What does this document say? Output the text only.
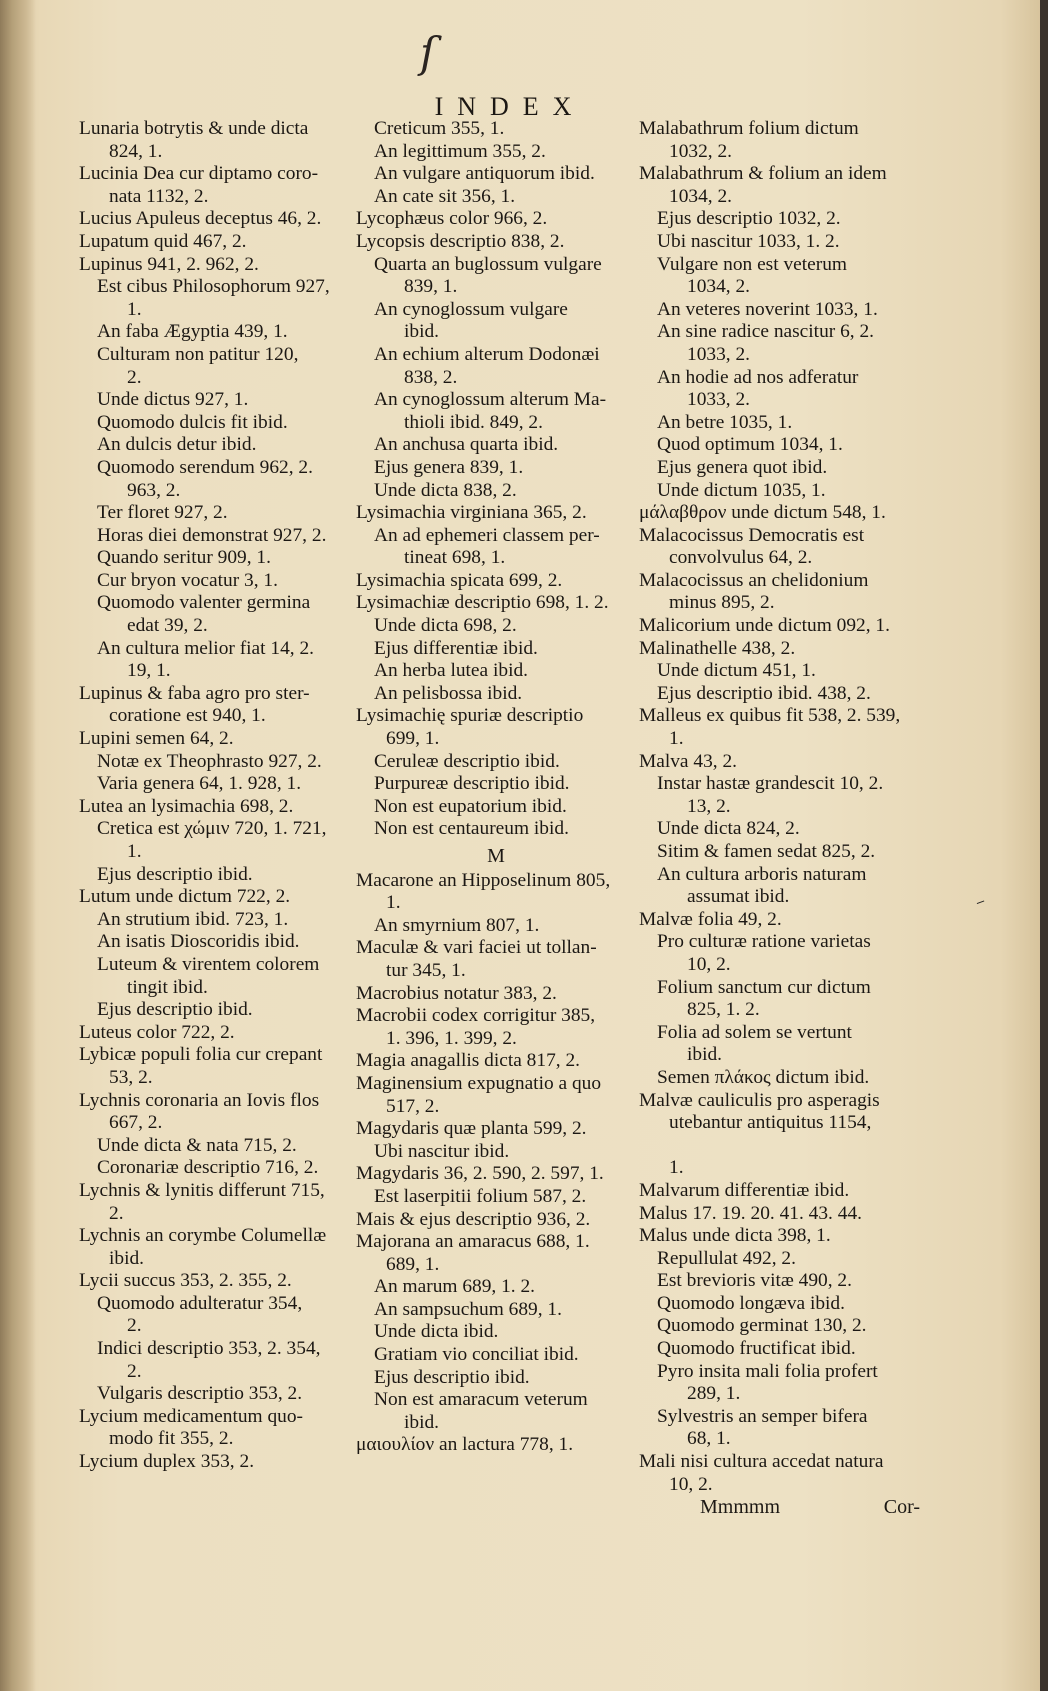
ſ
INDEX
Lunaria botrytis & unde dicta

824, 1.
Lucinia Dea cur diptamo coro-

nata 1132, 2.
Lucius Apuleus deceptus 46, 2.
Lupatum quid 467, 2.
Lupinus 941, 2. 962, 2.
Est cibus Philosophorum 927,

1.
An faba Ægyptia 439, 1.
Culturam non patitur 120,

2.
Unde dictus 927, 1.
Quomodo dulcis fit ibid.
An dulcis detur ibid.
Quomodo serendum 962, 2.

963, 2.
Ter floret 927, 2.
Horas diei demonstrat 927, 2.
Quando seritur 909, 1.
Cur bryon vocatur 3, 1.
Quomodo valenter germina

edat 39, 2.
An cultura melior fiat 14, 2.

19, 1.
Lupinus & faba agro pro ster-

coratione est 940, 1.
Lupini semen 64, 2.
Notæ ex Theophrasto 927, 2.
Varia genera 64, 1. 928, 1.
Lutea an lysimachia 698, 2.
Cretica est χώμιν 720, 1. 721,

1.
Ejus descriptio ibid.
Lutum unde dictum 722, 2.
An strutium ibid. 723, 1.
An isatis Dioscoridis ibid.
Luteum & virentem colorem

tingit ibid.
Ejus descriptio ibid.
Luteus color 722, 2.
Lybicæ populi folia cur crepant

53, 2.
Lychnis coronaria an Iovis flos

667, 2.
Unde dicta & nata 715, 2.
Coronariæ descriptio 716, 2.
Lychnis & lynitis differunt 715,

2.
Lychnis an corymbe Columellæ

ibid.
Lycii succus 353, 2. 355, 2.
Quomodo adulteratur 354,

2.
Indici descriptio 353, 2. 354,

2.
Vulgaris descriptio 353, 2.
Lycium medicamentum quo-

modo fit 355, 2.
Lycium duplex 353, 2.
Creticum 355, 1.
An legittimum 355, 2.
An vulgare antiquorum ibid.
An cate sit 356, 1.
Lycophæus color 966, 2.
Lycopsis descriptio 838, 2.
Quarta an buglossum vulgare

839, 1.
An cynoglossum vulgare

ibid.
An echium alterum Dodonæi

838, 2.
An cynoglossum alterum Ma-

thioli ibid. 849, 2.
An anchusa quarta ibid.
Ejus genera 839, 1.
Unde dicta 838, 2.
Lysimachia virginiana 365, 2.
An ad ephemeri classem per-

tineat 698, 1.
Lysimachia spicata 699, 2.
Lysimachiæ descriptio 698, 1. 2.
Unde dicta 698, 2.
Ejus differentiæ ibid.
An herba lutea ibid.
An pelisbossa ibid.
Lysimachię spuriæ descriptio

699, 1.
Ceruleæ descriptio ibid.
Purpureæ descriptio ibid.
Non est eupatorium ibid.
Non est centaureum ibid.
M
Macarone an Hipposelinum 805,

1.
An smyrnium 807, 1.
Maculæ & vari faciei ut tollan-

tur 345, 1.
Macrobius notatur 383, 2.
Macrobii codex corrigitur 385,

1. 396, 1. 399, 2.
Magia anagallis dicta 817, 2.
Maginensium expugnatio a quo

517, 2.
Magydaris quæ planta 599, 2.
Ubi nascitur ibid.
Magydaris 36, 2. 590, 2. 597, 1.
Est laserpitii folium 587, 2.
Mais & ejus descriptio 936, 2.
Majorana an amaracus 688, 1.

689, 1.
An marum 689, 1. 2.
An sampsuchum 689, 1.
Unde dicta ibid.
Gratiam vio conciliat ibid.
Ejus descriptio ibid.
Non est amaracum veterum

ibid.
μαιουλίον an lactura 778, 1.
Malabathrum folium dictum

1032, 2.
Malabathrum & folium an idem

1034, 2.
Ejus descriptio 1032, 2.
Ubi nascitur 1033, 1. 2.
Vulgare non est veterum

1034, 2.
An veteres noverint 1033, 1.
An sine radice nascitur 6, 2.

1033, 2.
An hodie ad nos adferatur

1033, 2.
An betre 1035, 1.
Quod optimum 1034, 1.
Ejus genera quot ibid.
Unde dictum 1035, 1.
μάλαβθρον unde dictum 548, 1.
Malacocissus Democratis est

convolvulus 64, 2.
Malacocissus an chelidonium

minus 895, 2.
Malicorium unde dictum 092, 1.
Malinathelle 438, 2.
Unde dictum 451, 1.
Ejus descriptio ibid. 438, 2.
Malleus ex quibus fit 538, 2. 539,

1.
Malva 43, 2.
Instar hastæ grandescit 10, 2.

13, 2.
Unde dicta 824, 2.
Sitim & famen sedat 825, 2.
An cultura arboris naturam

assumat ibid.
Malvæ folia 49, 2.
Pro culturæ ratione varietas

10, 2.
Folium sanctum cur dictum

825, 1. 2.
Folia ad solem se vertunt

ibid.
Semen πλάκος dictum ibid.
Malvæ cauliculis pro asperagis

utebantur antiquitus 1154,

1.
Malvarum differentiæ ibid.
Malus 17. 19. 20. 41. 43. 44.
Malus unde dicta 398, 1.
Repullulat 492, 2.
Est brevioris vitæ 490, 2.
Quomodo longæva ibid.
Quomodo germinat 130, 2.
Quomodo fructificat ibid.
Pyro insita mali folia profert

289, 1.
Sylvestris an semper bifera

68, 1.
Mali nisi cultura accedat natura

10, 2.
Mmmmm	Cor-
‒
